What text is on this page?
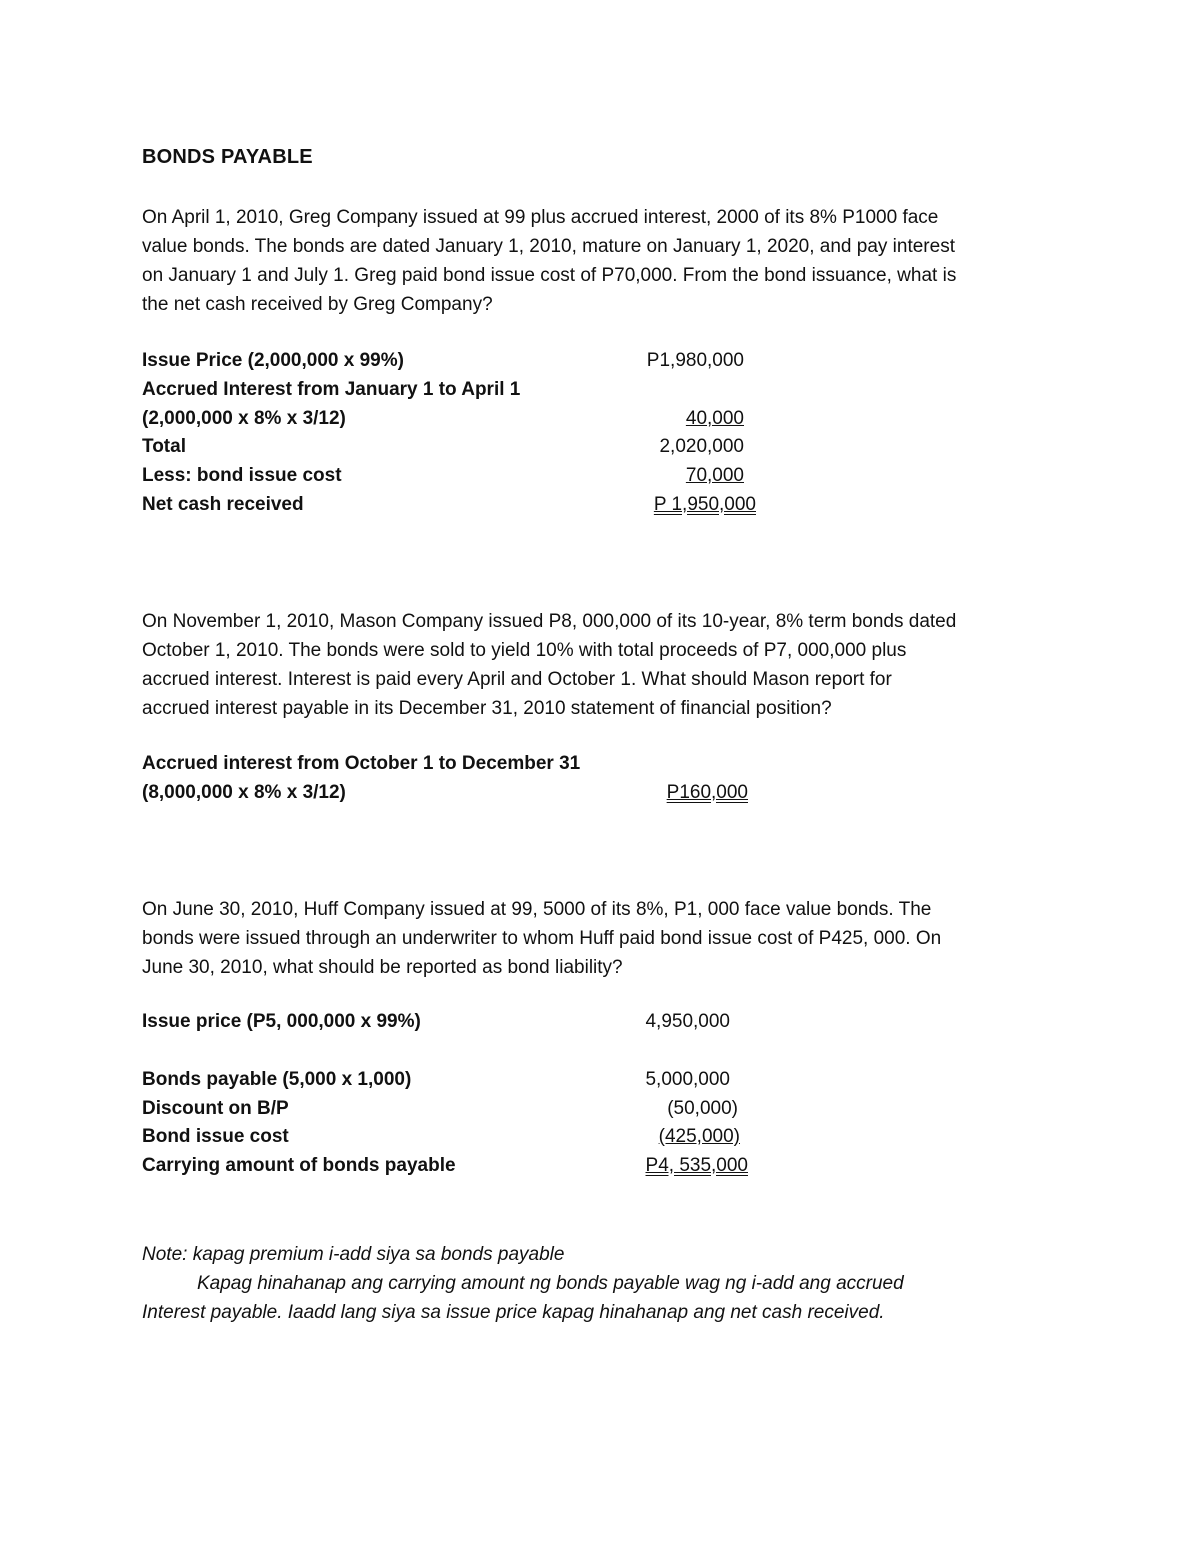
BONDS PAYABLE
On April 1, 2010, Greg Company issued at 99 plus accrued interest, 2000 of its 8% P1000 face
value bonds. The bonds are dated January 1, 2010, mature on January 1, 2020, and pay interest
on January 1 and July 1. Greg paid bond issue cost of P70,000. From the bond issuance, what is
the net cash received by Greg Company?
Issue Price (2,000,000 x 99%)	P1,980,000
Accrued Interest from January 1 to April 1
(2,000,000 x 8% x 3/12)	40,000
Total	2,020,000
Less: bond issue cost	70,000
Net cash received	P 1,950,000
On November 1, 2010, Mason Company issued P8, 000,000 of its 10-year, 8% term bonds dated
October 1, 2010. The bonds were sold to yield 10% with total proceeds of P7, 000,000 plus
accrued interest. Interest is paid every April and October 1. What should Mason report for
accrued interest payable in its December 31, 2010 statement of financial position?
Accrued interest from October 1 to December 31
(8,000,000 x 8% x 3/12)	P160,000
On June 30, 2010, Huff Company issued at 99, 5000 of its 8%, P1, 000 face value bonds. The
bonds were issued through an underwriter to whom Huff paid bond issue cost of P425, 000. On
June 30, 2010, what should be reported as bond liability?
Issue price (P5, 000,000 x 99%)	4,950,000
Bonds payable (5,000 x 1,000)	5,000,000
Discount on B/P	(50,000)
Bond issue cost	(425,000)
Carrying amount of bonds payable	P4, 535,000
Note: kapag premium i-add siya sa bonds payable
Kapag hinahanap ang carrying amount ng bonds payable wag ng i-add ang accrued
Interest payable. Iaadd lang siya sa issue price kapag hinahanap ang net cash received.
